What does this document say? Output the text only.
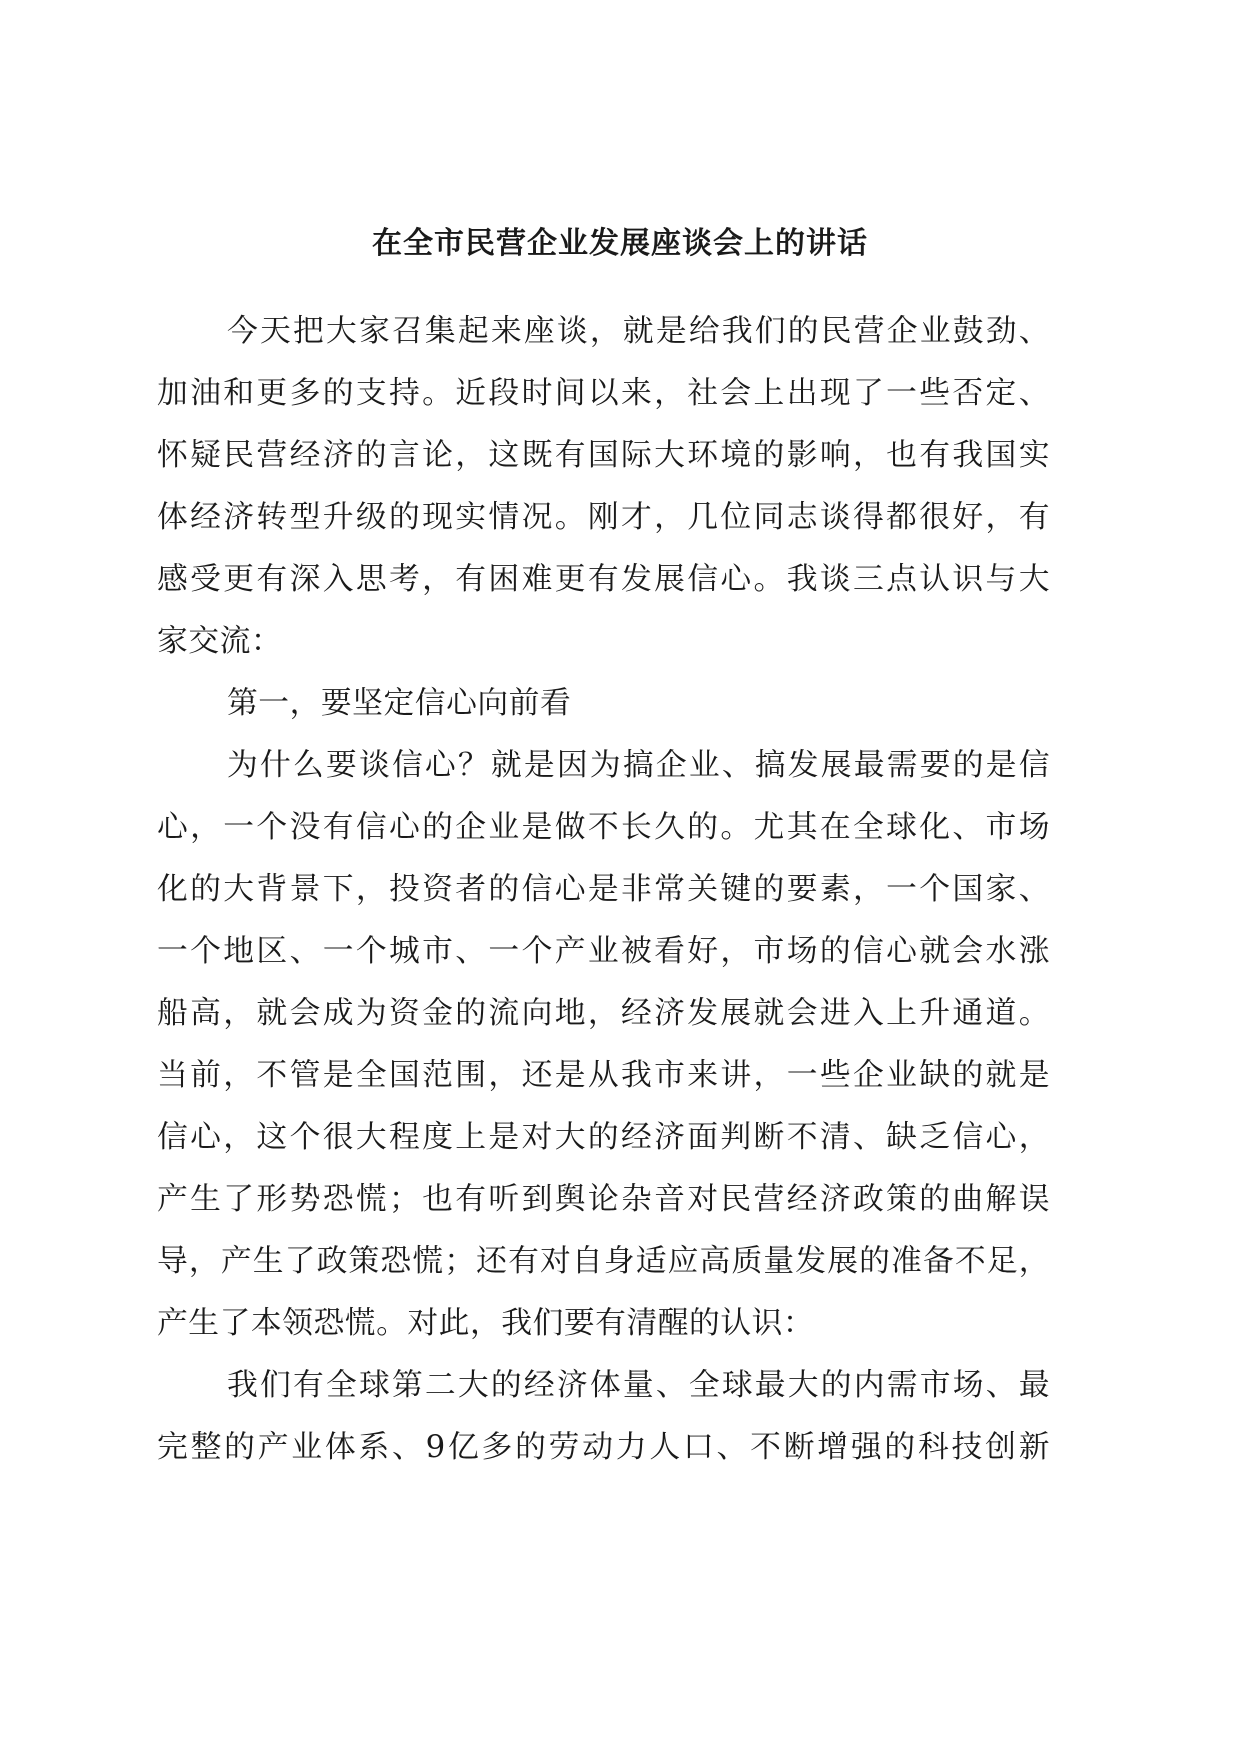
在全市民营企业发展座谈会上的讲话

今天把大家召集起来座谈，就是给我们的民营企业鼓劲、

加油和更多的支持。近段时间以来，社会上出现了一些否定、

怀疑民营经济的言论，这既有国际大环境的影响，也有我国实

体经济转型升级的现实情况。刚才，几位同志谈得都很好，有

感受更有深入思考，有困难更有发展信心。我谈三点认识与大

家交流：

第一，要坚定信心向前看

为什么要谈信心？就是因为搞企业、搞发展最需要的是信

心，一个没有信心的企业是做不长久的。尤其在全球化、市场

化的大背景下，投资者的信心是非常关键的要素，一个国家、

一个地区、一个城市、一个产业被看好，市场的信心就会水涨

船高，就会成为资金的流向地，经济发展就会进入上升通道。

当前，不管是全国范围，还是从我市来讲，一些企业缺的就是

信心，这个很大程度上是对大的经济面判断不清、缺乏信心，

产生了形势恐慌；也有听到舆论杂音对民营经济政策的曲解误

导，产生了政策恐慌；还有对自身适应高质量发展的准备不足，

产生了本领恐慌。对此，我们要有清醒的认识：

我们有全球第二大的经济体量、全球最大的内需市场、最

完整的产业体系、9亿多的劳动力人口、不断增强的科技创新
